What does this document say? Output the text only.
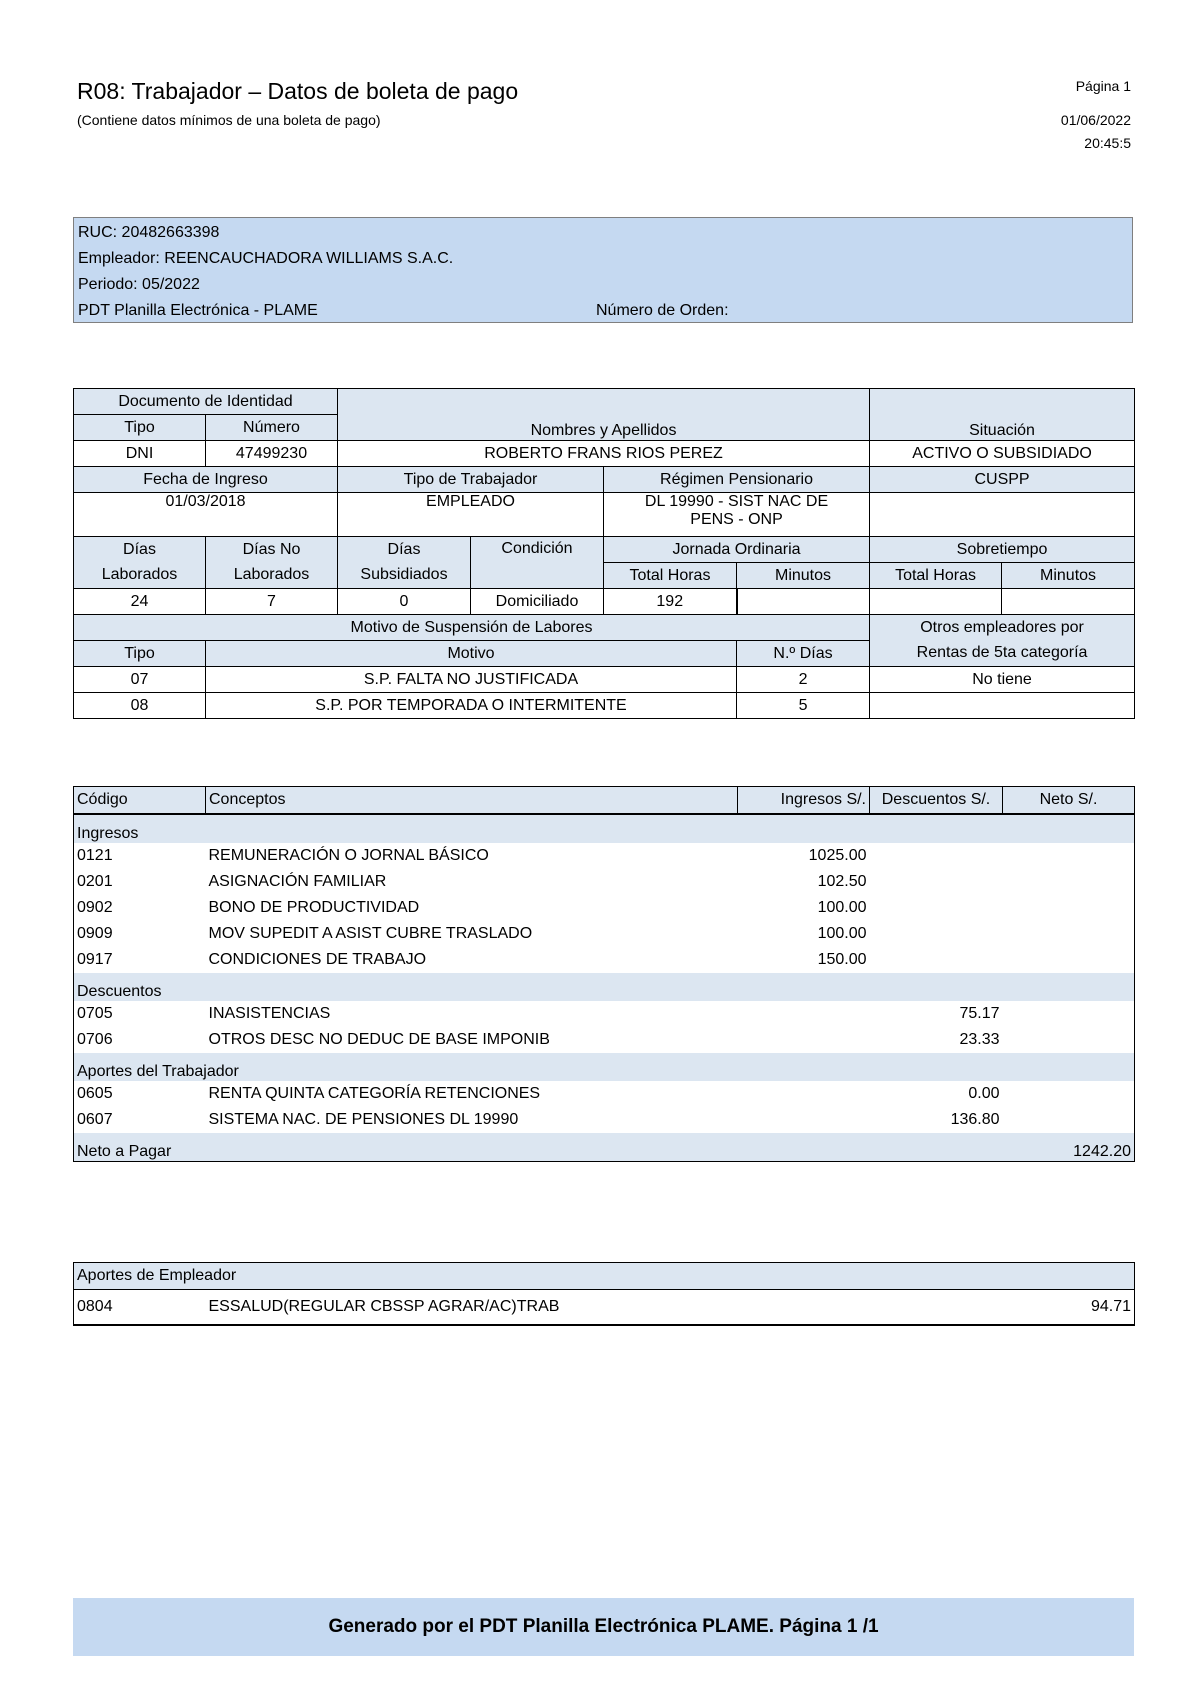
R08: Trabajador – Datos de boleta de pago
(Contiene datos mínimos de una boleta de pago)
Página 1
01/06/2022
20:45:5
RUC: 20482663398
Empleador: REENCAUCHADORA WILLIAMS S.A.C.
Periodo: 05/2022
PDT Planilla Electrónica - PLAME	Número de Orden:
Documento de Identidad		Nombres y Apellidos				Situación	
Tipo	Número						
DNI	47499230	ROBERTO FRANS RIOS PEREZ				ACTIVO O SUBSIDIADO	
Fecha de Ingreso		Tipo de Trabajador		Régimen Pensionario		CUSPP	
01/03/2018		EMPLEADO		DL 19990 - SIST NAC DE PENS - ONP			
Días	Días No	Días	Condición	Jornada Ordinaria		Sobretiempo	
Laborados	Laborados	Subsidiados		Total Horas	Minutos	Total Horas	Minutos
24	7	0	Domiciliado	192			
Motivo de Suspensión de Labores						Otros empleadores por	
Tipo	Motivo				N.º Días	Rentas de 5ta categoría	
07	S.P. FALTA NO JUSTIFICADA				2	No tiene	
08	S.P. POR TEMPORADA O INTERMITENTE				5		
Código	Conceptos	Ingresos S/.	Descuentos S/.	Neto S/.
Ingresos				
0121	REMUNERACIÓN O JORNAL BÁSICO	1025.00		
0201	ASIGNACIÓN FAMILIAR	102.50		
0902	BONO DE PRODUCTIVIDAD	100.00		
0909	MOV SUPEDIT A ASIST CUBRE TRASLADO	100.00		
0917	CONDICIONES DE TRABAJO	150.00		
Descuentos				
0705	INASISTENCIAS		75.17	
0706	OTROS DESC NO DEDUC DE BASE IMPONIB		23.33	
Aportes del Trabajador				
0605	RENTA QUINTA CATEGORÍA RETENCIONES		0.00	
0607	SISTEMA NAC. DE PENSIONES DL 19990		136.80	
Neto a Pagar				1242.20
Aportes de Empleador
0804	ESSALUD(REGULAR CBSSP AGRAR/AC)TRAB	94.71
Generado por el PDT Planilla Electrónica PLAME. Página 1 /1
